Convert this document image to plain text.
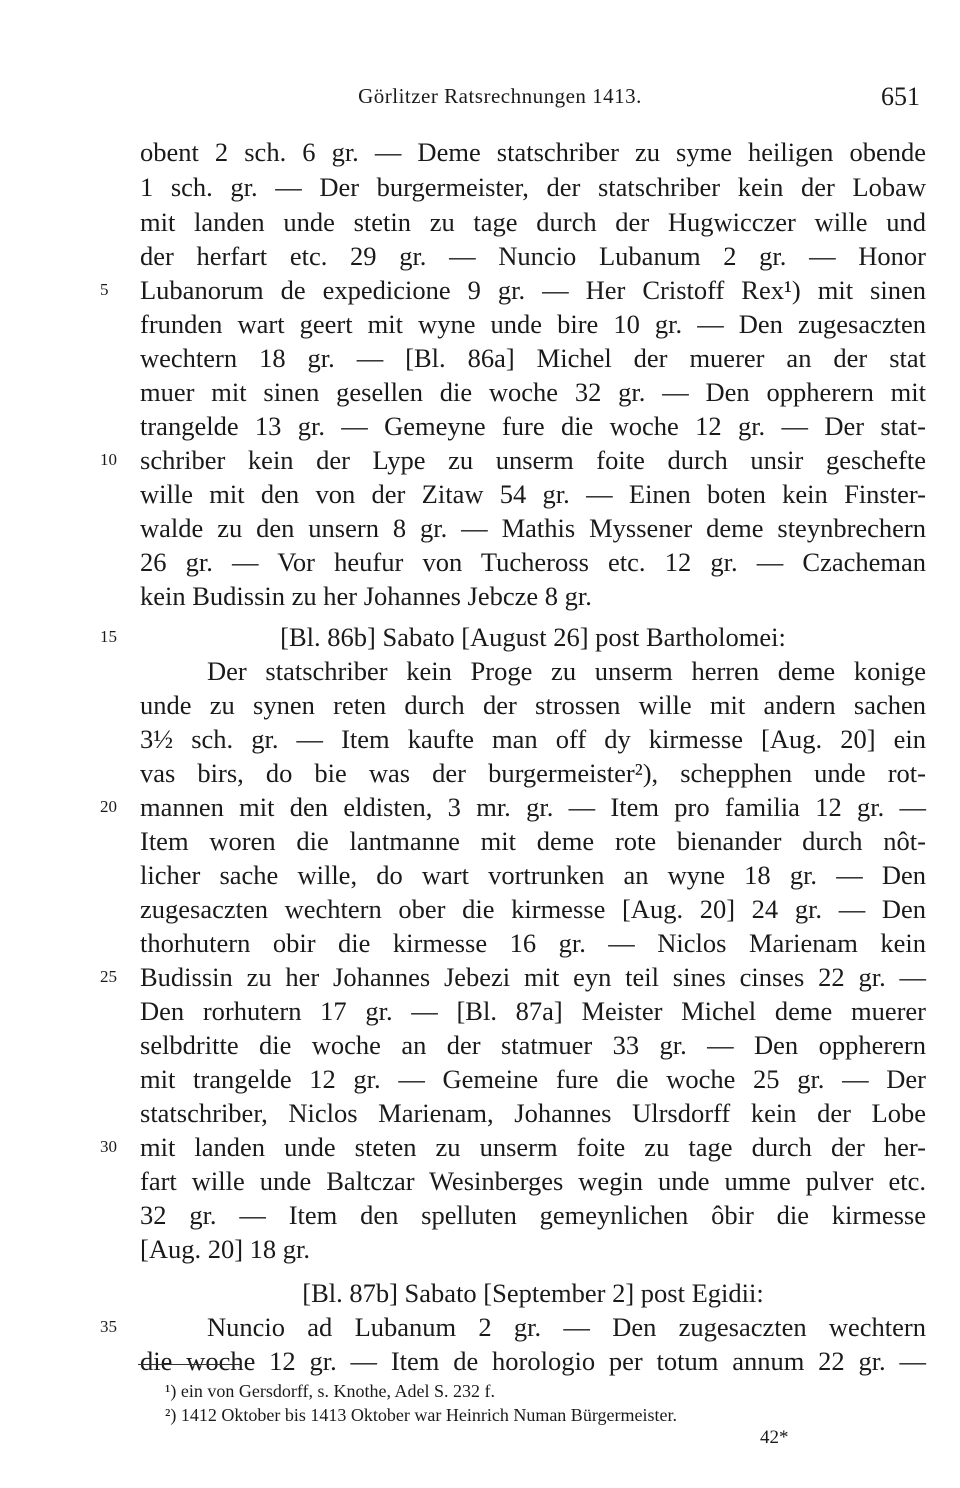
Görlitzer Ratsrechnungen 1413.	651
obent 2 sch. 6 gr. — Deme statschriber zu syme heiligen obende
1 sch. gr. — Der burgermeister, der statschriber kein der Lobaw
mit landen unde stetin zu tage durch der Hugwicczer wille und
der herfart etc. 29 gr. — Nuncio Lubanum 2 gr. — Honor
5	Lubanorum de expedicione 9 gr. — Her Cristoff Rex¹) mit sinen
frunden wart geert mit wyne unde bire 10 gr. — Den zugesaczten
wechtern 18 gr. — [Bl. 86a] Michel der muerer an der stat
muer mit sinen gesellen die woche 32 gr. — Den oppherern mit
trangelde 13 gr. — Gemeyne fure die woche 12 gr. — Der stat-
10 schriber kein der Lype zu unserm foite durch unsir geschefte
wille mit den von der Zitaw 54 gr. — Einen boten kein Finster-
walde zu den unsern 8 gr. — Mathis Myssener deme steynbrechern
26 gr. — Vor heufur von Tucheross etc. 12 gr. — Czacheman
kein Budissin zu her Johannes Jebcze 8 gr.
15	[Bl. 86b] Sabato [August 26] post Bartholomei:
Der statschriber kein Proge zu unserm herren deme konige
unde zu synen reten durch der strossen wille mit andern sachen
3½ sch. gr. — Item kaufte man off dy kirmesse [Aug. 20] ein
vas birs, do bie was der burgermeister²), schepphen unde rot-
20 mannen mit den eldisten, 3 mr. gr. — Item pro familia 12 gr. —
Item woren die lantmanne mit deme rote bienander durch nôt-
licher sache wille, do wart vortrunken an wyne 18 gr. — Den
zugesaczten wechtern ober die kirmesse [Aug. 20] 24 gr. — Den
thorhutern obir die kirmesse 16 gr. — Niclos Marienam kein
25 Budissin zu her Johannes Jebezi mit eyn teil sines cinses 22 gr. —
Den rorhutern 17 gr. — [Bl. 87a] Meister Michel deme muerer
selbdritte die woche an der statmuer 33 gr. — Den oppherern
mit trangelde 12 gr. — Gemeine fure die woche 25 gr. — Der
statschriber, Niclos Marienam, Johannes Ulrsdorff kein der Lobe
30 mit landen unde steten zu unserm foite zu tage durch der her-
fart wille unde Baltczar Wesinberges wegin unde umme pulver etc.
32 gr. — Item den spelluten gemeynlichen ôbir die kirmesse
[Aug. 20] 18 gr.
[Bl. 87b] Sabato [September 2] post Egidii:
35	Nuncio ad Lubanum 2 gr. — Den zugesaczten wechtern
die woche 12 gr. — Item de horologio per totum annum 22 gr. —
¹) ein von Gersdorff, s. Knothe, Adel S. 232 f.
²) 1412 Oktober bis 1413 Oktober war Heinrich Numan Bürgermeister.
42*
